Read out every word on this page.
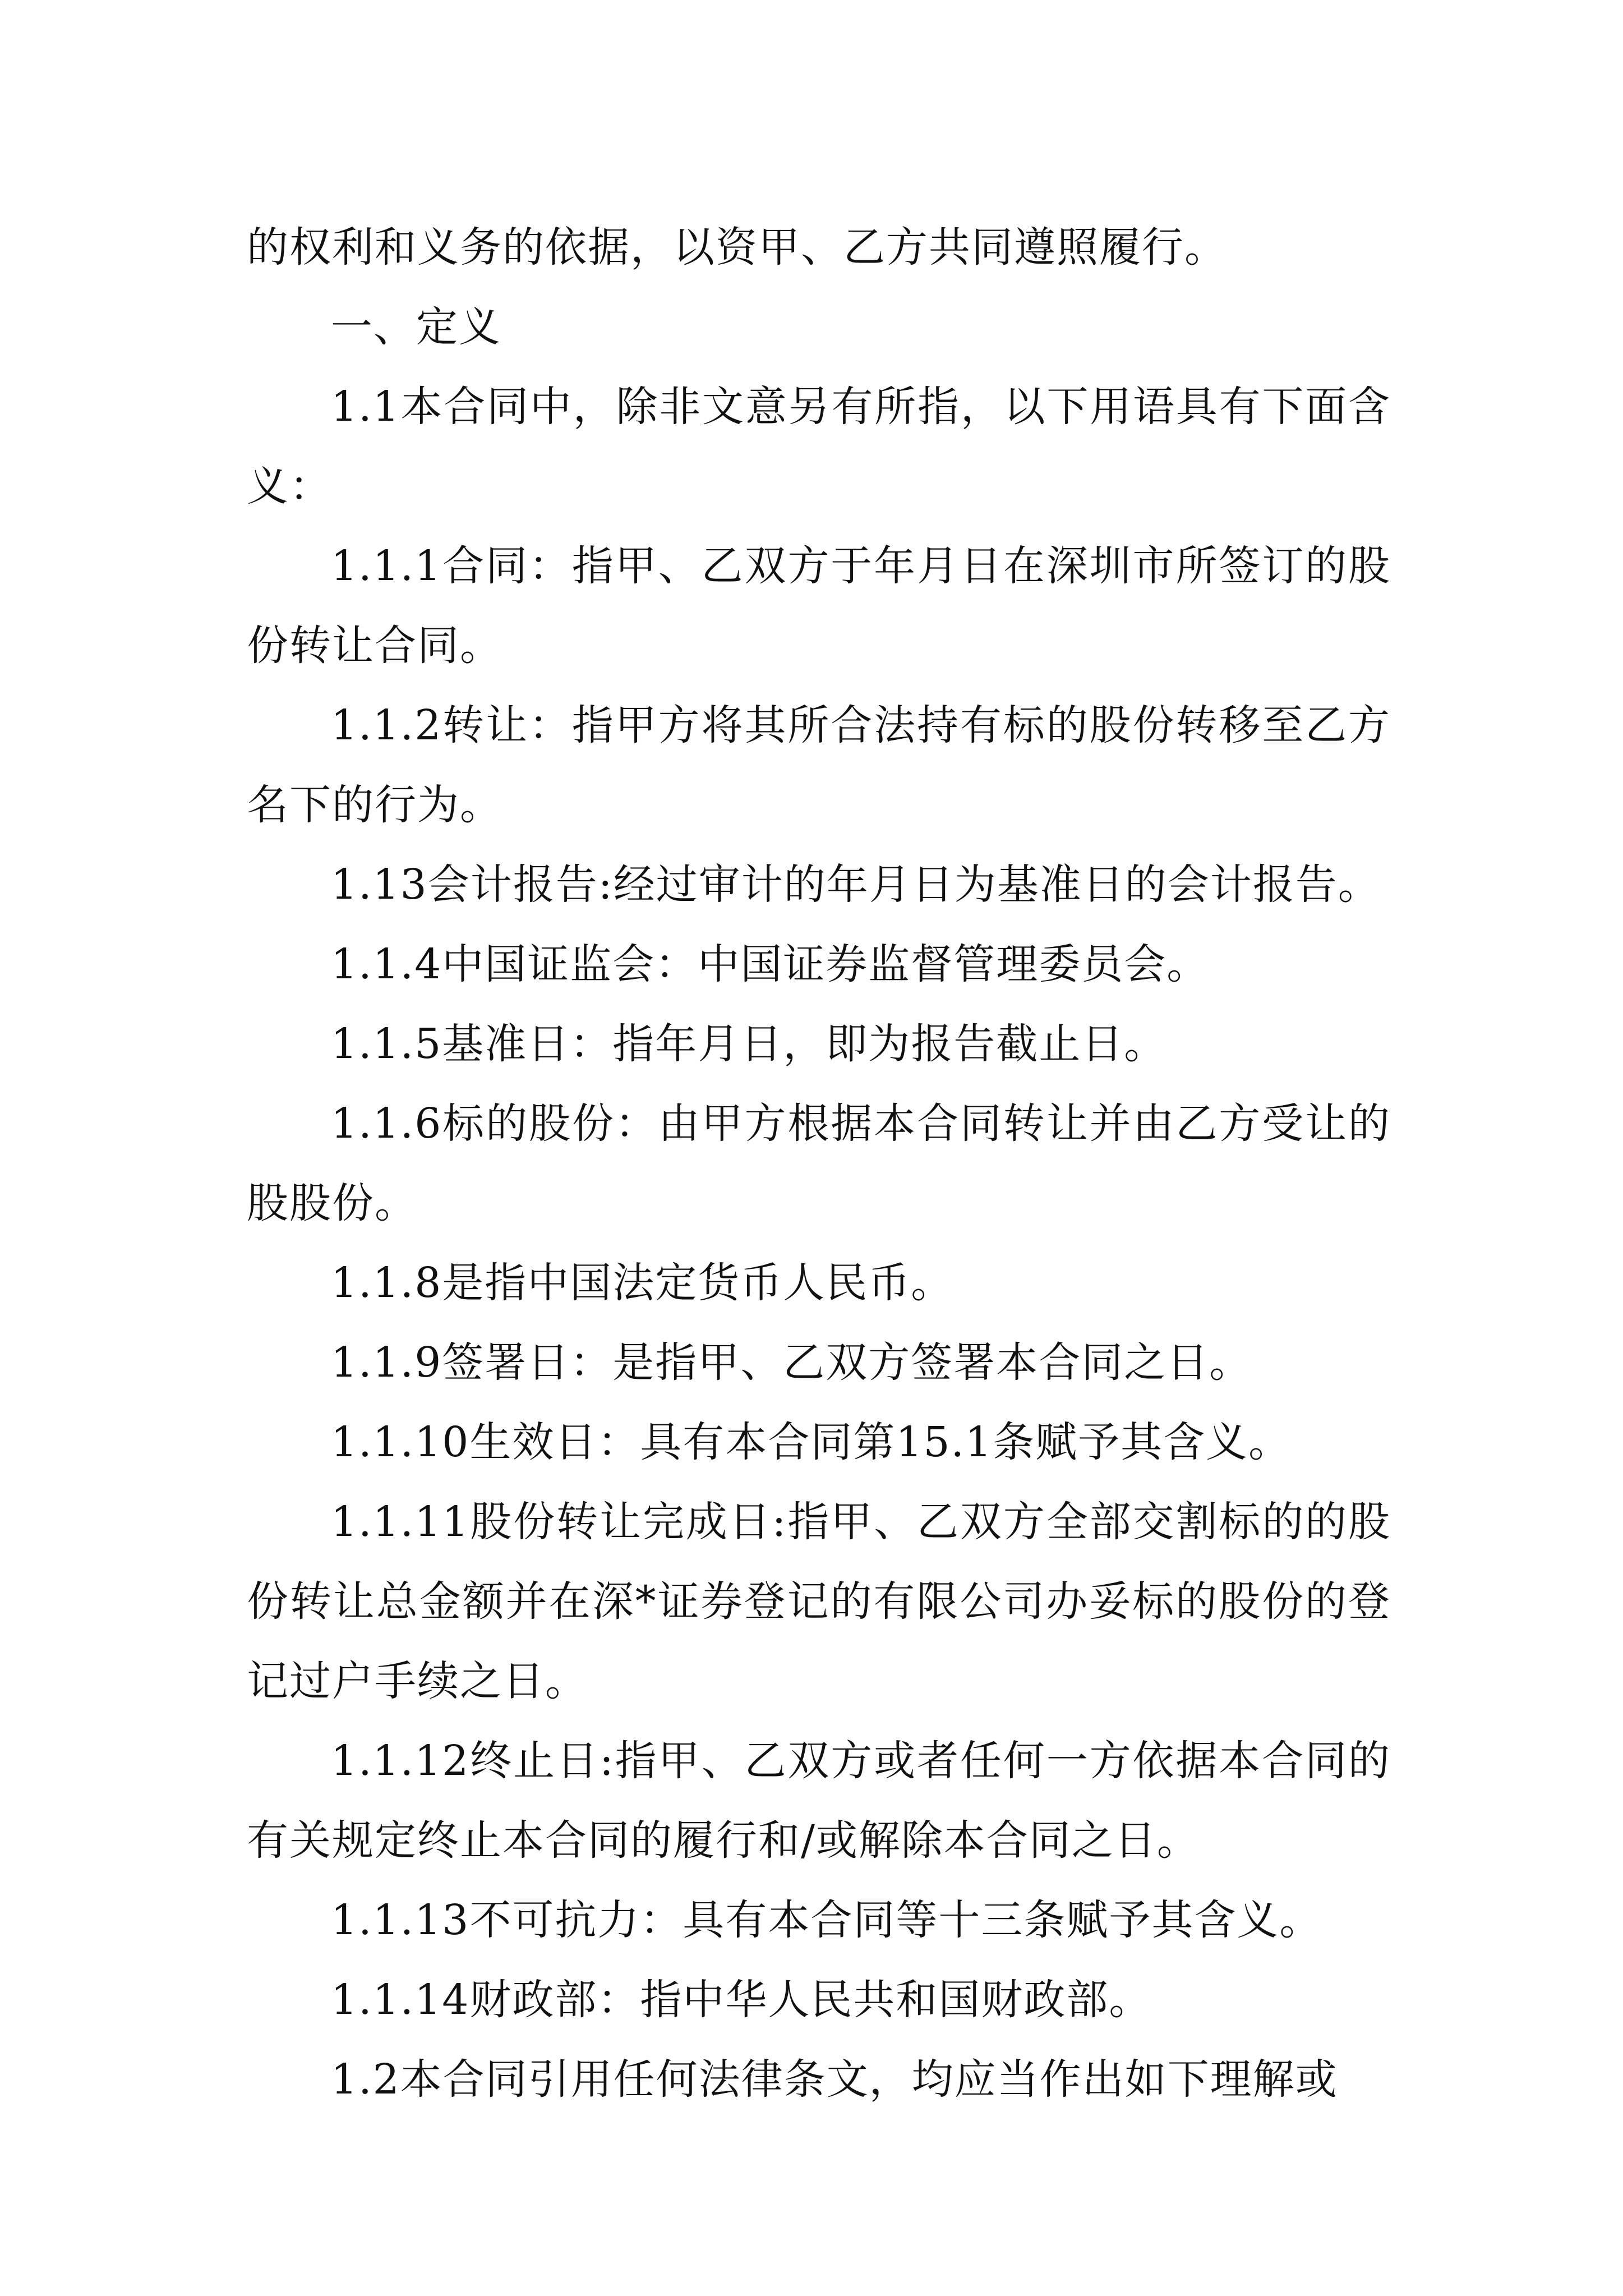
的权利和义务的依据，以资甲、乙方共同遵照履行。

一、定义

1.1本合同中，除非文意另有所指，以下用语具有下面含义：

1.1.1合同：指甲、乙双方于年月日在深圳市所签订的股份转让合同。

1.1.2转让：指甲方将其所合法持有标的股份转移至乙方名下的行为。

1.13会计报告:经过审计的年月日为基准日的会计报告。

1.1.4中国证监会：中国证券监督管理委员会。

1.1.5基准日：指年月日，即为报告截止日。

1.1.6标的股份：由甲方根据本合同转让并由乙方受让的股股份。

1.1.8是指中国法定货币人民币。

1.1.9签署日：是指甲、乙双方签署本合同之日。

1.1.10生效日：具有本合同第15.1条赋予其含义。

1.1.11股份转让完成日:指甲、乙双方全部交割标的的股份转让总金额并在深*证券登记的有限公司办妥标的股份的登记过户手续之日。

1.1.12终止日:指甲、乙双方或者任何一方依据本合同的有关规定终止本合同的履行和/或解除本合同之日。

1.1.13不可抗力：具有本合同等十三条赋予其含义。

1.1.14财政部：指中华人民共和国财政部。

1.2本合同引用任何法律条文，均应当作出如下理解或
